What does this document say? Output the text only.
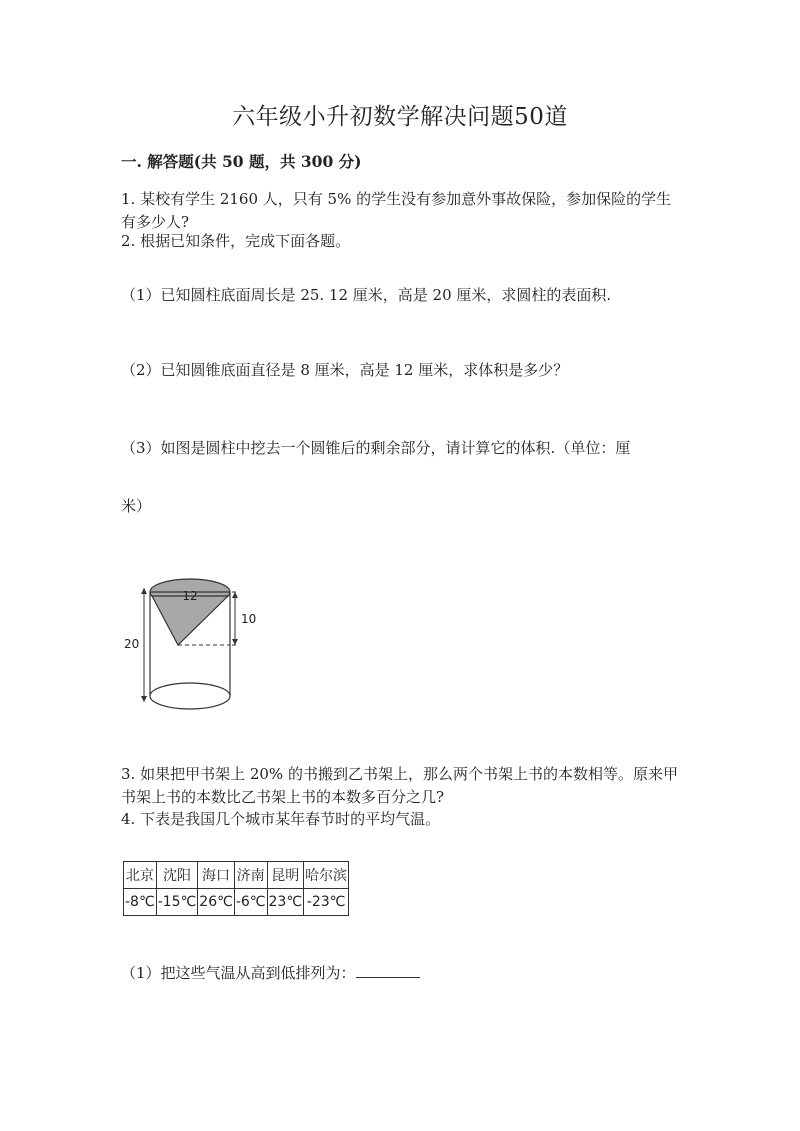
六年级小升初数学解决问题50道
一. 解答题(共 50 题，共 300 分)
1. 某校有学生 2160 人，只有 5% 的学生没有参加意外事故保险，参加保险的学生有多少人?
2. 根据已知条件，完成下面各题。
（1）已知圆柱底面周长是 25. 12 厘米，高是 20 厘米，求圆柱的表面积.
（2）已知圆锥底面直径是 8 厘米，高是 12 厘米，求体积是多少？
（3）如图是圆柱中挖去一个圆锥后的剩余部分，请计算它的体积.（单位：厘
米）
12
10
20
3. 如果把甲书架上 20% 的书搬到乙书架上，那么两个书架上书的本数相等。原来甲书架上书的本数比乙书架上书的本数多百分之几?
4. 下表是我国几个城市某年春节时的平均气温。
北京	沈阳	海口	济南	昆明	哈尔滨
-8℃	-15℃	26℃	-6℃	23℃	-23℃
（1）把这些气温从高到低排列为：
